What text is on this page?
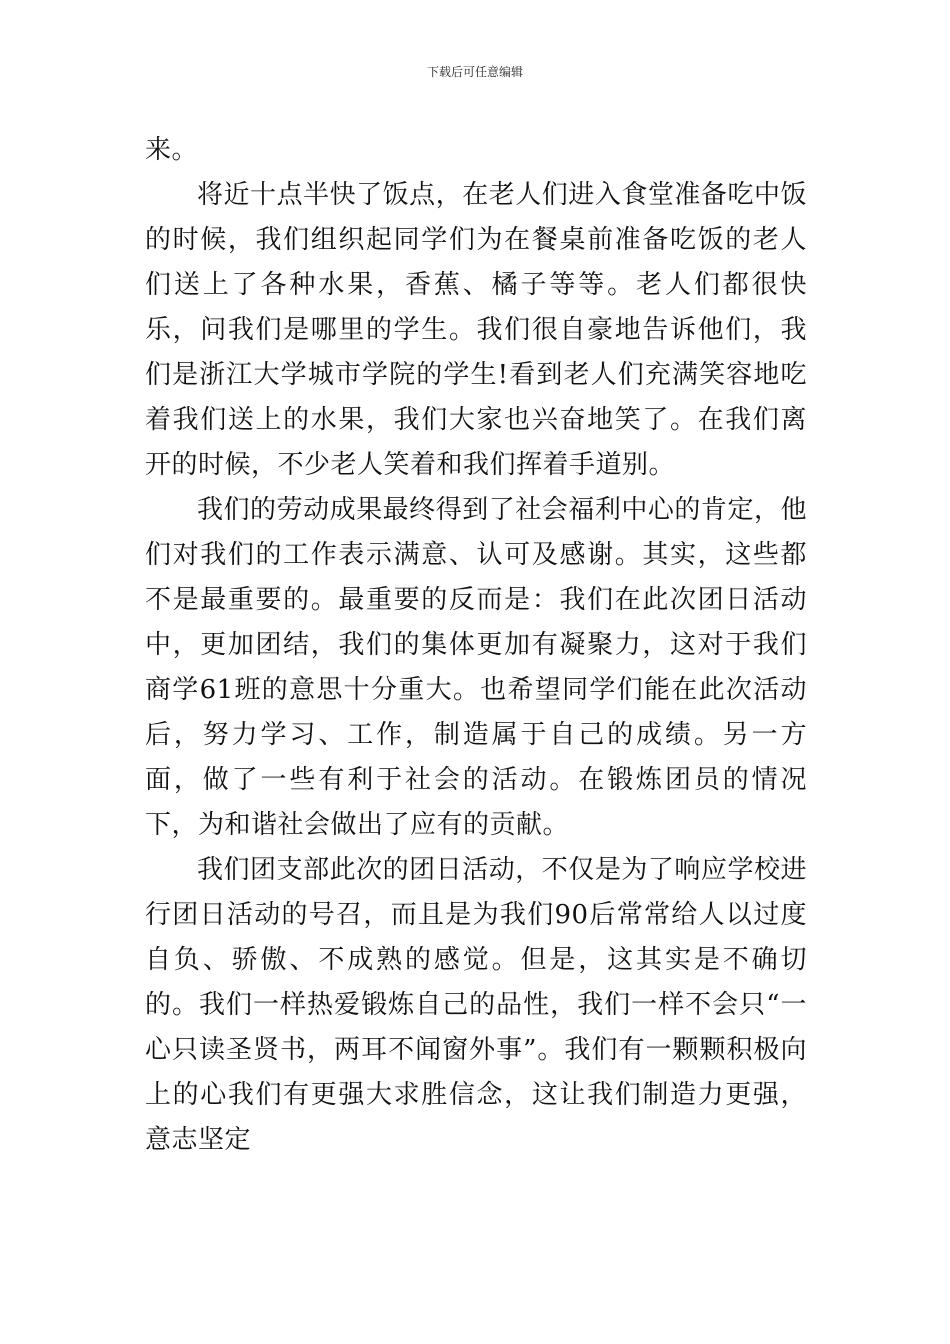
下载后可任意编辑

来。

将近十点半快了饭点，在老人们进入食堂准备吃中饭的时候，我们组织起同学们为在餐桌前准备吃饭的老人们送上了各种水果，香蕉、橘子等等。老人们都很快乐，问我们是哪里的学生。我们很自豪地告诉他们，我们是浙江大学城市学院的学生!看到老人们充满笑容地吃着我们送上的水果，我们大家也兴奋地笑了。在我们离开的时候，不少老人笑着和我们挥着手道别。

我们的劳动成果最终得到了社会福利中心的肯定，他们对我们的工作表示满意、认可及感谢。其实，这些都不是最重要的。最重要的反而是：我们在此次团日活动中，更加团结，我们的集体更加有凝聚力，这对于我们商学61班的意思十分重大。也希望同学们能在此次活动后，努力学习、工作，制造属于自己的成绩。另一方面，做了一些有利于社会的活动。在锻炼团员的情况下，为和谐社会做出了应有的贡献。

我们团支部此次的团日活动，不仅是为了响应学校进行团日活动的号召，而且是为我们90后常常给人以过度自负、骄傲、不成熟的感觉。但是，这其实是不确切的。我们一样热爱锻炼自己的品性，我们一样不会只“一心只读圣贤书，两耳不闻窗外事”。我们有一颗颗积极向上的心我们有更强大求胜信念，这让我们制造力更强，意志坚定
